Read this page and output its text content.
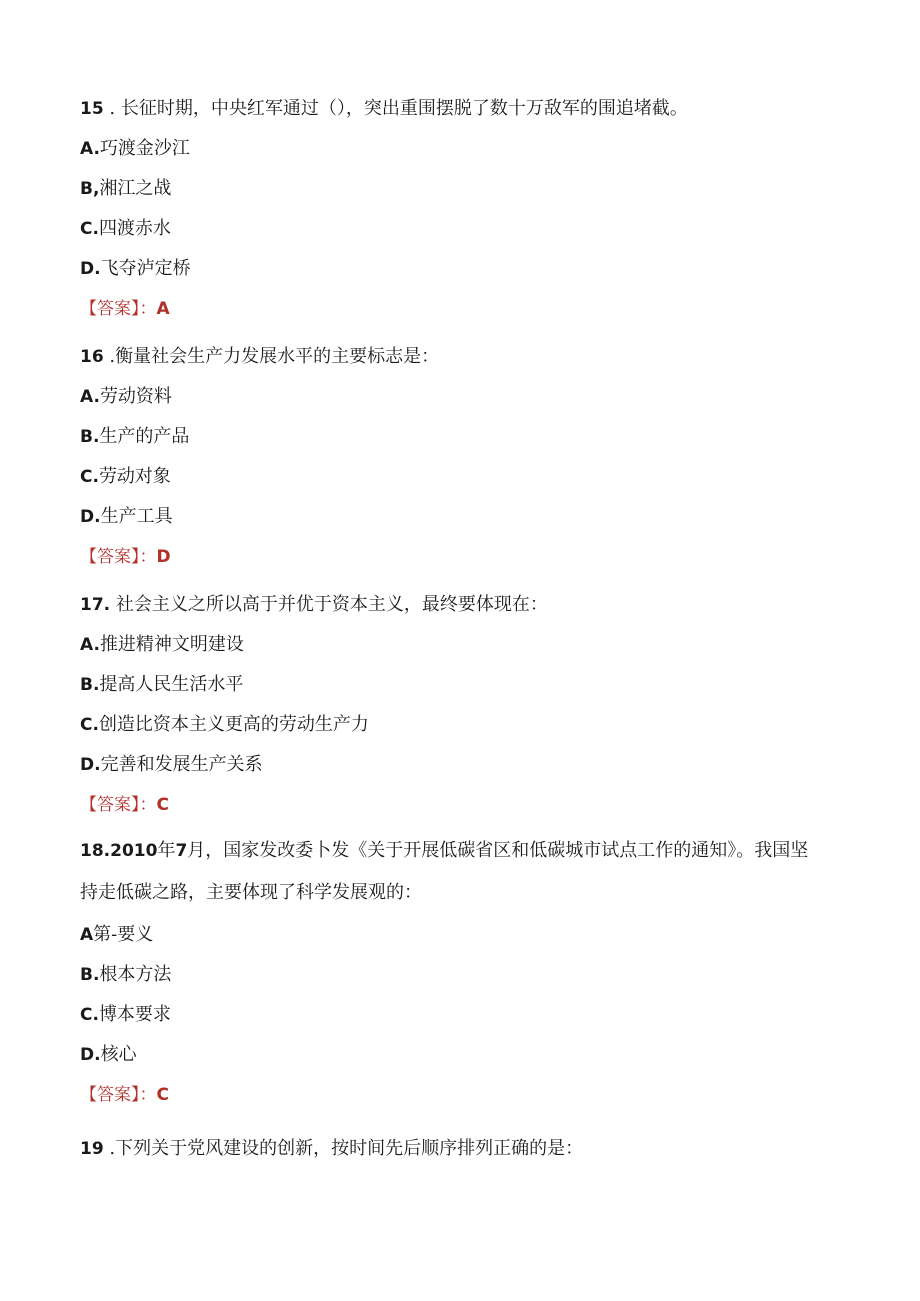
15 . 长征时期，中央红军通过（），突出重围摆脱了数十万敌军的围追堵截。
A.巧渡金沙江
B,湘江之战
C.四渡赤水
D.飞夺泸定桥
【答案】：A
16 .衡量社会生产力发展水平的主要标志是：
A.劳动资料
B.生产的产品
C.劳动对象
D.生产工具
【答案】：D
17. 社会主义之所以高于并优于资本主义，最终要体现在：
A.推进精神文明建设
B.提高人民生活水平
C.创造比资本主义更高的劳动生产力
D.完善和发展生产关系
【答案】：C
18.2010年7月，国家发改委卜发《关于开展低碳省区和低碳城市试点工作的通知》。我国坚
持走低碳之路，主要体现了科学发展观的：
A第-要义
B.根本方法
C.博本要求
D.核心
【答案】：C
19 .下列关于党风建设的创新，按时间先后顺序排列正确的是：
